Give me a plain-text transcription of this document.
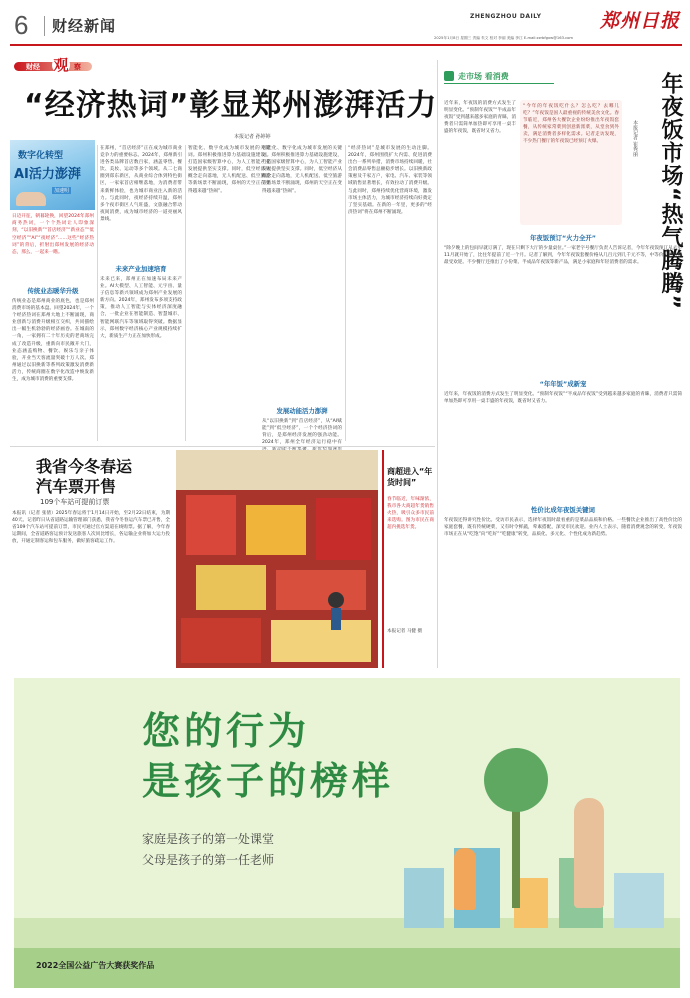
6 财经新闻
ZHENGZHOU DAILY	郑州日报
2025年1月8日 星期三 责编 朱文 校对 李丽 美编 李江 E-mail:zzrbfgxw@163.com
财经 观 察
“经济热词”彰显郑州澎湃活力
本报记者 孙婷婷
数字化转型
AI活力澎湃
加速明
日迈开征，朝暮轮换，回望2024年郑州商务热词，一个个热词让人印象深刻，“以旧换新”“首店经济”“新业态”“低空经济”“AI”“夜经济”……这些“经济热词”的背后，折射出郑州发展的经济动态，那么，一起来一瞧。
传统业态暖华升级
传统业态是郑州商业的底色，也是郑州消费市场的基本盘。回望2024年，一个个经济热词在郑州大地上不断涌现，商业创新与消费升级相互交织，共同描绘出一幅生机勃勃的经济画卷。在城南的一角，一家拥有二十年历史的老商场完成了改造升级，重新向市民敞开大门，业态涵盖购物、餐饮、娱乐与亲子体验，开业当天客流量突破十万人次。郑州通过以旧换新等系列政策激发消费新活力，传统商圈在数字化改造中焕发新生，成为城市消费的重要支撑。
在郑州，“首店经济”正在成为城市商业竞争力的重要标志。2024年，郑州新引进各类品牌首店数百家，涵盖零售、餐饮、美妆、运动等多个领域。从二七商圈到郑东新区，从商业综合体到特色街区，一家家首店相继落地，为消费者带来新鲜体验，也为城市商业注入新的活力。与此同时，夜经济持续升温，郑州多个夜市街区人气旺盛，文旅融合带动夜间消费，成为城市经济的一道亮丽风景线。
未来产业加速培育
未来已来，郑州正在加速布局未来产业。AI大模型、人工智能、元宇宙、量子信息等新兴领域成为郑州产业发展的新方向。2024年，郑州发布多项支持政策，推动人工智能与实体经济深度融合，一批企业在智能制造、智慧城市、智能网联汽车等领域取得突破。数据显示，郑州数字经济核心产业规模持续扩大，新质生产力正在加快形成。
智能化、数字化成为城市发展的关键词。郑州积极推进算力基础设施建设，打造国家级智算中心，为人工智能产业发展提供坚实支撑。同时，低空经济从概念走向落地，无人机配送、低空旅游等新场景不断涌现，郑州的天空正在变得越来越“热闹”。
发展动能活力澎湃
从“以旧换新”到“首店经济”，从“AI赋能”到“低空经济”，一个个经济热词的背后，是郑州经济发展的强劲动能。2024年，郑州全年经济运行稳中有
智能化、数字化成为城市发展的关键词。郑州积极推进算力基础设施建设，打造国家级智算中心，为人工智能产业发展提供坚实支撑。同时，低空经济从概念走向落地，无人机配送、低空旅游等新场景不断涌现，郑州的天空正在变得越来越“热闹”。
“经济热词”是城市发展的生动注脚。2024年，郑州围绕扩大内需、促进消费出台一系列举措，消费市场持续回暖，社会消费品零售总额稳步增长。以旧换新政策惠及千家万户，家电、汽车、家装等领域销售显著增长，有效拉动了消费升级。与此同时，郑州持续优化营商环境，激发市场主体活力，为城市经济持续向好奠定了坚实基础。在新的一年里，更多的“经济热词”将在郑州不断涌现。
走市场 看消费
“今年的年夜饭吃什么？怎么吃？去哪儿吃？”年夜饭是国人最重视的传统美食文化。春节临近，郑州各大餐饮企业纷纷推出年夜饭套餐，从传统家常菜到创意新派菜，从堂食到外卖，满足消费者多样化需求。记者走访发现，不少热门餐厅的年夜饭已经预订火爆。	年夜饭市场“热气腾腾”
本报记者 崔秀丽
近年来，年夜饭的消费方式发生了明显变化。“预制年夜饭”“半成品年夜饭”受到越来越多家庭的青睐，消费者只需简单加热即可享用一桌丰盛的年夜饭，既省时又省力。
年夜饭预订“火力全开”
“除夕晚上的包间早就订满了，现在只剩下大厅的少量桌位。”一家老字号餐厅负责人告诉记者，今年年夜饭预订从去年11月就开始了，比往年提前了近一个月。记者了解到，今年年夜饭套餐价格从几百元到几千元不等，中等价位的套餐最受欢迎。不少餐厅还推出了小份菜、半成品年夜饭等新产品，满足小家庭和年轻消费者的需求。
“年年饭”成新宠
近年来，年夜饭的消费方式发生了明显变化。“预制年夜饭”“半成品年夜饭”受到越来越多家庭的青睐，消费者只需简单加热即可享用一桌丰盛的年夜饭，既省时又省力。
性价比成年夜饭关键词
年夜饭还得讲究性价比。受访市民表示，选择年夜饭时最看重的是菜品品质和价格。一些餐饮企业推出了高性价比的家庭套餐，既有传统硬菜，又有时令鲜蔬，荤素搭配，深受市民欢迎。业内人士表示，随着消费观念的转变，年夜饭市场正在从“吃饱”向“吃好”“吃健康”转变，品质化、多元化、个性化成为新趋势。
我省今冬春运
汽车票开售
109个车站可提前订票
本报讯（记者 张倩）2025年春运将于1月14日开始，至2月22日结束，为期40天。记者昨日从省道路运输管理部门获悉，我省今冬春运汽车票已开售，全省109个汽车站可提前订票，市民可通过官方渠道在线购票。据了解，今年春运期间，全省道路客运预计发送旅客人次同比增长，各运输企业将加大运力投放，开通定制客运和包车服务，做好旅客疏运工作。
商超进入“年货时间”
春节临近，年味渐浓，我市各大商超年货销售火热，吸引众多市民前来选购。图为市民在商超内挑选年货。
本报记者 马健 摄
您的行为
是孩子的榜样
家庭是孩子的第一处课堂
父母是孩子的第一任老师
2022全国公益广告大赛获奖作品
